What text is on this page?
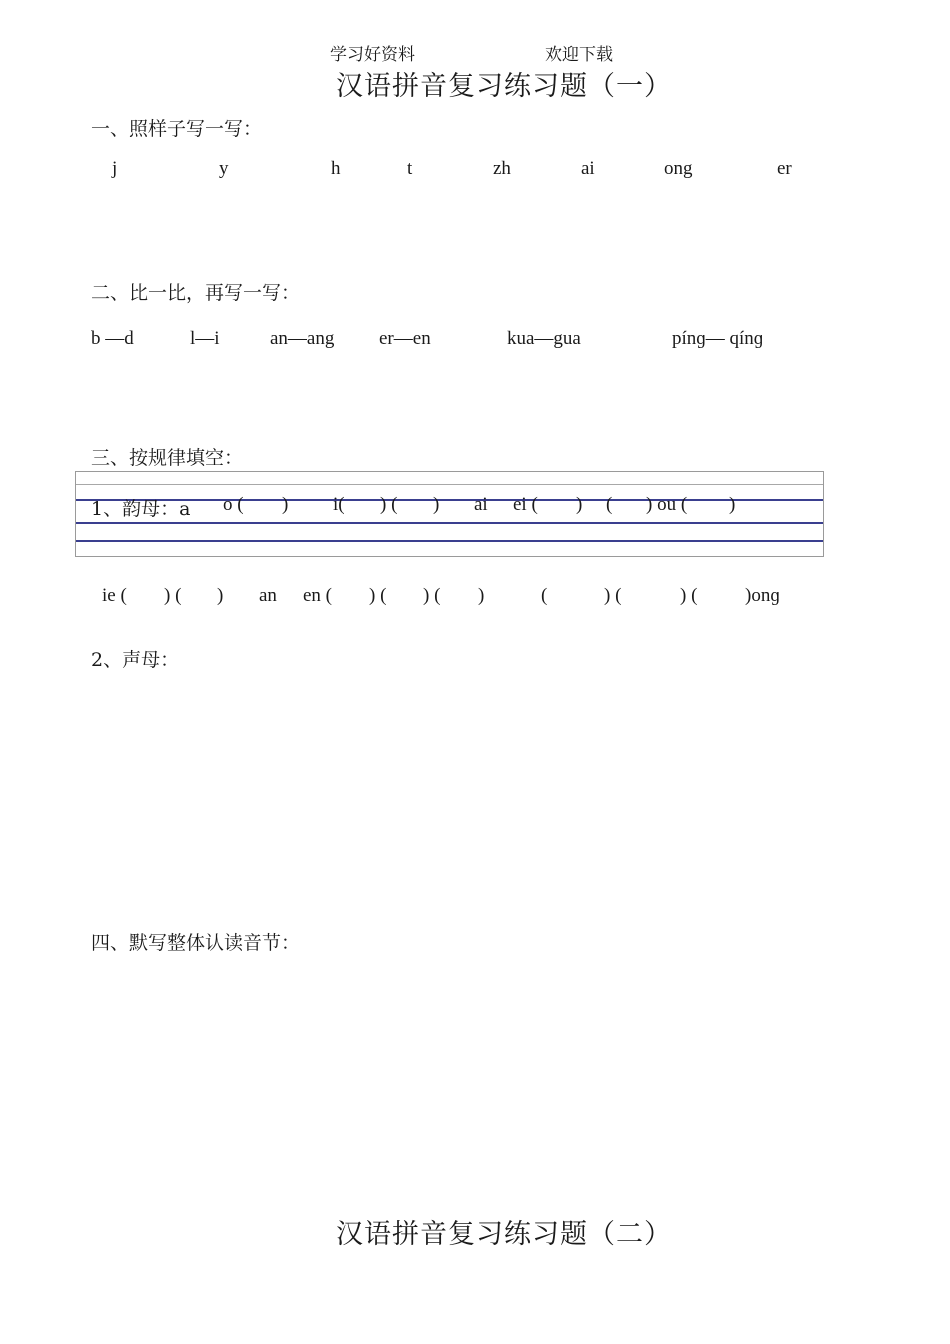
学习好资料	欢迎下载
汉语拼音复习练习题（一）
一、照样子写一写：
j	y	h	t	zh	ai	ong	er
二、比一比，再写一写：
b —d	l—i	an—ang er—en	kua—gua	pínɡ— qínɡ
三、按规律填空：
1、韵母：a o ( ) i( ) ( ) ai ei ( ) ( ) ou ( )
ie ( ) ( ) an en ( ) ( ) ( )	(	) (	) (	)onɡ
2、声母：
四、默写整体认读音节：
汉语拼音复习练习题（二）
